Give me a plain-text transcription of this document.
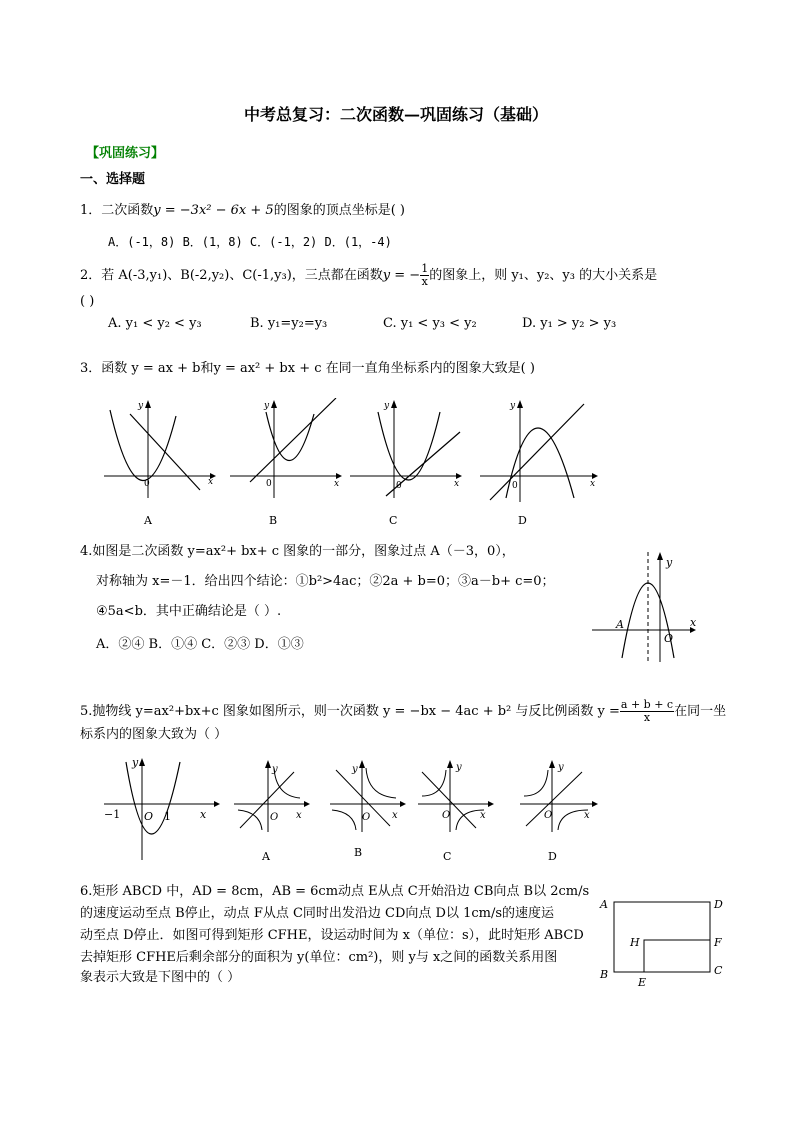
中考总复习：二次函数—巩固练习（基础）
【巩固练习】
一、选择题
1．二次函数y = −3x² − 6x + 5的图象的顶点坐标是( )
A．(-1，8) B．(1，8) C．(-1，2) D．(1，-4)
2．若 A(-3,y₁)、B(-2,y₂)、C(-1,y₃)，三点都在函数y = − $\frac{1}{x}$ 的图象上，则 y₁、y₂、y₃ 的大小关系是
( )
A. y₁ < y₂ < y₃	B. y₁=y₂=y₃	C. y₁ < y₃ < y₂	D. y₁ > y₂ > y₃
3．函数 y = ax + b和y = ax² + bx + c 在同一直角坐标系内的图象大致是( )
y
x
0
A
y
x
0
B
y
x
0
C
y
x
0
D
4.如图是二次函数 y=ax²+ bx+ c 图象的一部分，图象过点 A（－3，0），
对称轴为 x=－1．给出四个结论：①b²>4ac；②2a + b=0；③a－b+ c=0；
④5a<b．其中正确结论是（ ）.
A．②④ B．①④ C．②③ D．①③
y
x
A
O
5.抛物线 y=ax²+bx+c 图象如图所示，则一次函数 y = −bx − 4ac + b² 与反比例函数 $y = \frac{a + b + c}{x}$ 在同一坐
标系内的图象大致为（ ）
−1 O 1	x
y
y
x
O
A
y
x
O
B
y
x
O
C
y
x
O
D
6.矩形 ABCD 中，AD = 8cm，AB = 6cm动点 E从点 C开始沿边 CB向点 B以 2cm/s
的速度运动至点 B停止，动点 F从点 C同时出发沿边 CD向点 D以 1cm/s的速度运
动至点 D停止．如图可得到矩形 CFHE，设运动时间为 x（单位：s），此时矩形 ABCD
去掉矩形 CFHE后剩余部分的面积为 y(单位：cm²)，则 y与 x之间的函数关系用图
象表示大致是下图中的（ ）
A	D
H	F
B
E
C
